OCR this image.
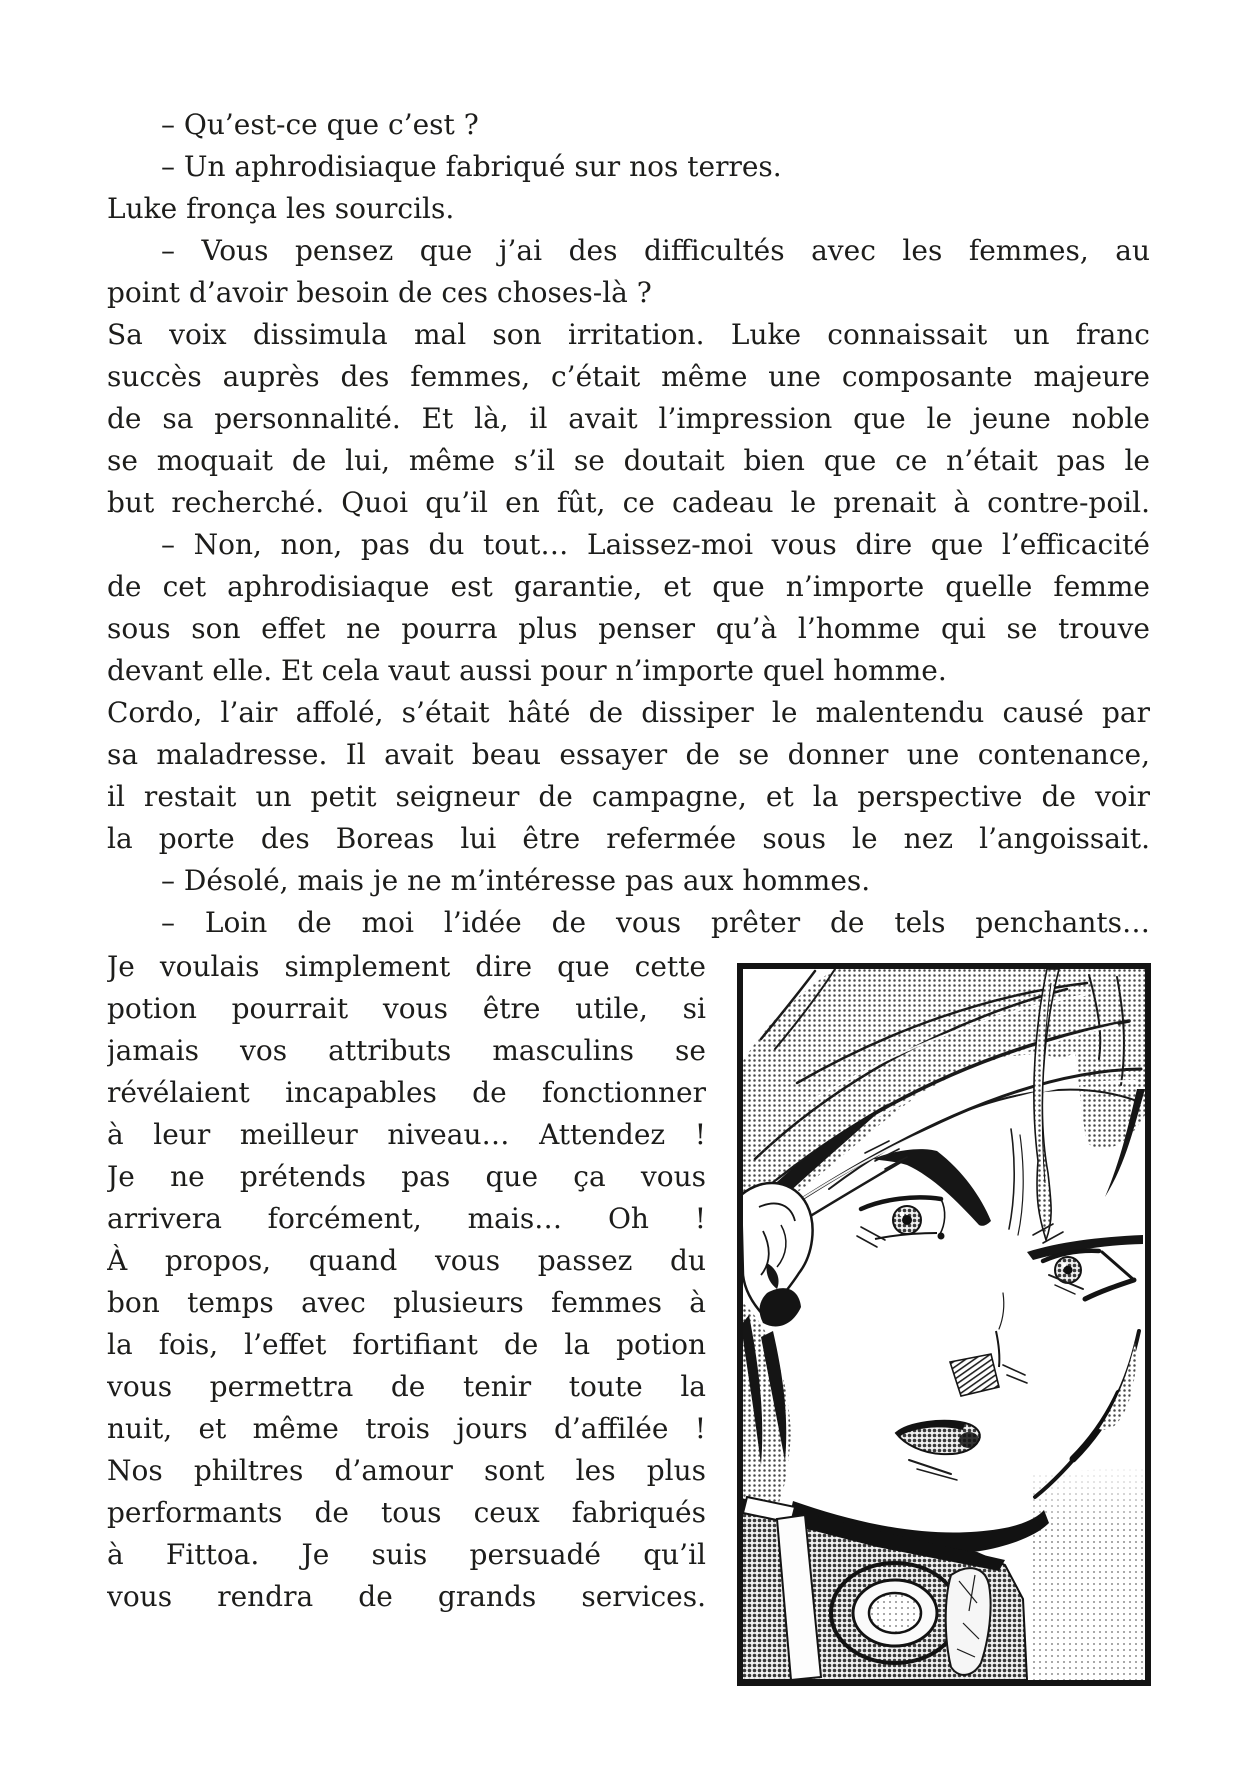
– Qu’est-ce que c’est ?
– Un aphrodisiaque fabriqué sur nos terres.
Luke fronça les sourcils.
– Vous pensez que j’ai des difficultés avec les femmes, au
point d’avoir besoin de ces choses-là ?
Sa voix dissimula mal son irritation. Luke connaissait un franc
succès auprès des femmes, c’était même une composante majeure
de sa personnalité. Et là, il avait l’impression que le jeune noble
se moquait de lui, même s’il se doutait bien que ce n’était pas le
but recherché. Quoi qu’il en fût, ce cadeau le prenait à contre-poil.
– Non, non, pas du tout… Laissez-moi vous dire que l’efficacité
de cet aphrodisiaque est garantie, et que n’importe quelle femme
sous son effet ne pourra plus penser qu’à l’homme qui se trouve
devant elle. Et cela vaut aussi pour n’importe quel homme.
Cordo, l’air affolé, s’était hâté de dissiper le malentendu causé par
sa maladresse. Il avait beau essayer de se donner une contenance,
il restait un petit seigneur de campagne, et la perspective de voir
la porte des Boreas lui être refermée sous le nez l’angoissait.
– Désolé, mais je ne m’intéresse pas aux hommes.
– Loin de moi l’idée de vous prêter de tels penchants…
Je voulais simplement dire que cette
potion pourrait vous être utile, si
jamais vos attributs masculins se
révélaient incapables de fonctionner
à leur meilleur niveau… Attendez !
Je ne prétends pas que ça vous
arrivera forcément, mais… Oh !
À propos, quand vous passez du
bon temps avec plusieurs femmes à
la fois, l’effet fortifiant de la potion
vous permettra de tenir toute la
nuit, et même trois jours d’affilée !
Nos philtres d’amour sont les plus
performants de tous ceux fabriqués
à Fittoa. Je suis persuadé qu’il
vous rendra de grands services.
